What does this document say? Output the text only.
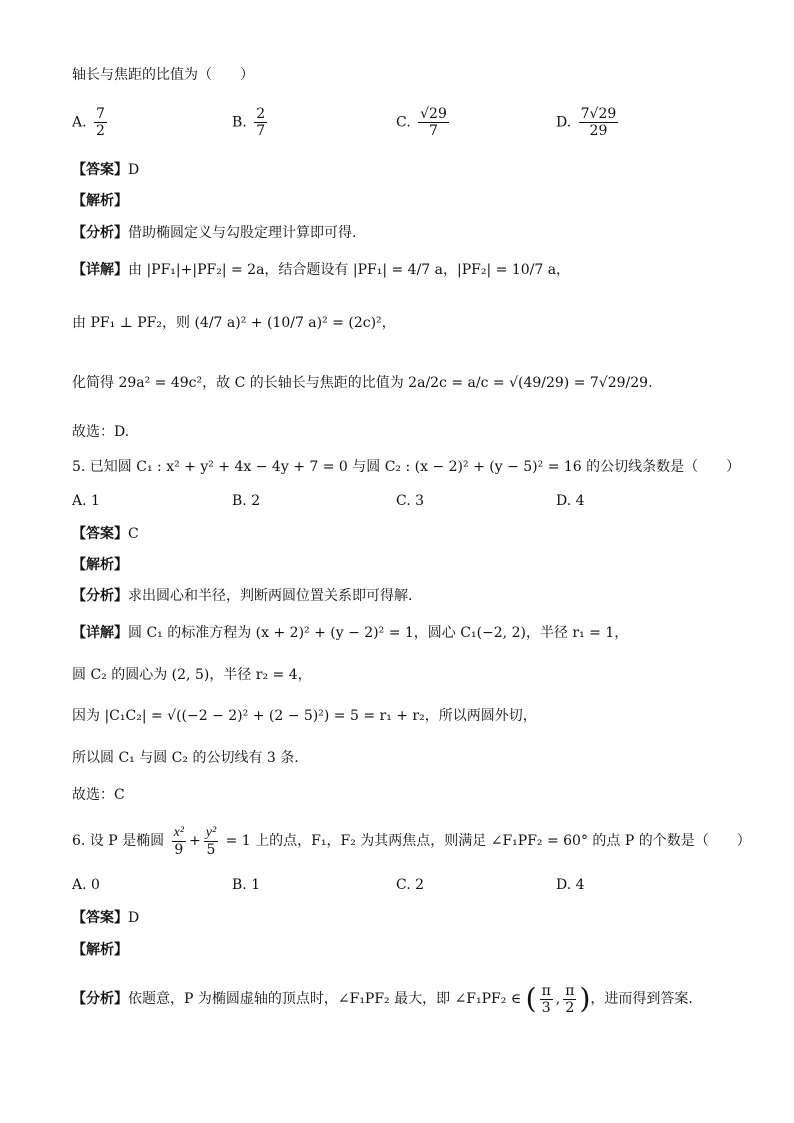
轴长与焦距的比值为（　　）
A. $\frac{7}{2}$	B. $\frac{2}{7}$	C. $\frac{√29}{7}$	D. $\frac{7√29}{29}$
【答案】D
【解析】
【分析】借助椭圆定义与勾股定理计算即可得.
【详解】由 |PF₁|+|PF₂| = 2a，结合题设有 |PF₁| = 4/7 a，|PF₂| = 10/7 a，
由 PF₁ ⊥ PF₂，则 (4/7 a)² + (10/7 a)² = (2c)²，
化简得 29a² = 49c²，故 C 的长轴长与焦距的比值为 2a/2c = a/c = √(49/29) = 7√29/29.
故选：D.
5. 已知圆 C₁ : x² + y² + 4x − 4y + 7 = 0 与圆 C₂ : (x − 2)² + (y − 5)² = 16 的公切线条数是（　　）
A. 1	B. 2	C. 3	D. 4
【答案】C
【解析】
【分析】求出圆心和半径，判断两圆位置关系即可得解.
【详解】圆 C₁ 的标准方程为 (x + 2)² + (y − 2)² = 1，圆心 C₁(−2, 2)，半径 r₁ = 1，
圆 C₂ 的圆心为 (2, 5)，半径 r₂ = 4，
因为 |C₁C₂| = √((−2 − 2)² + (2 − 5)²) = 5 = r₁ + r₂，所以两圆外切，
所以圆 C₁ 与圆 C₂ 的公切线有 3 条.
故选：C
6. 设 P 是椭圆 $\frac{\text{x²}}{9} + \frac{\text{y²}}{5} = 1$ 上的点，F₁，F₂ 为其两焦点，则满足 ∠F₁PF₂ = 60° 的点 P 的个数是（　　）
A. 0	B. 1	C. 2	D. 4
【答案】D
【解析】
【分析】依题意，P 为椭圆虚轴的顶点时，∠F₁PF₂ 最大，即 ∠F₁PF₂ ∈ ( $\frac{\pi}{3}$ , $\frac{\pi}{2}$ )，进而得到答案.
